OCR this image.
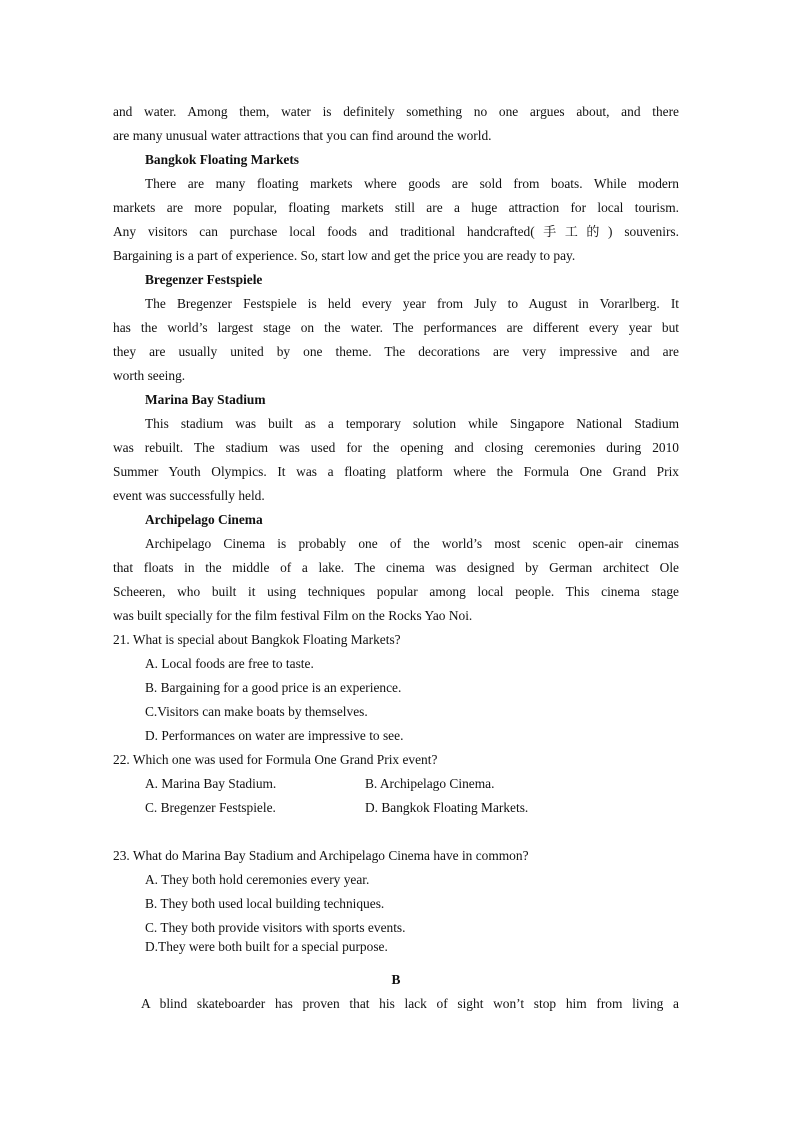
and water. Among them, water is definitely something no one argues about, and there
are many unusual water attractions that you can find around the world.
Bangkok Floating Markets
There are many floating markets where goods are sold from boats. While modern
markets are more popular, floating markets still are a huge attraction for local tourism.
Any visitors can purchase local foods and traditional handcrafted(手工的) souvenirs.
Bargaining is a part of experience. So, start low and get the price you are ready to pay.
Bregenzer Festspiele
The Bregenzer Festspiele is held every year from July to August in Vorarlberg. It
has the world’s largest stage on the water. The performances are different every year but
they are usually united by one theme. The decorations are very impressive and are
worth seeing.
Marina Bay Stadium
This stadium was built as a temporary solution while Singapore National Stadium
was rebuilt. The stadium was used for the opening and closing ceremonies during 2010
Summer Youth Olympics. It was a floating platform where the Formula One Grand Prix
event was successfully held.
Archipelago Cinema
Archipelago Cinema is probably one of the world’s most scenic open-air cinemas
that floats in the middle of a lake. The cinema was designed by German architect Ole
Scheeren, who built it using techniques popular among local people. This cinema stage
was built specially for the film festival Film on the Rocks Yao Noi.
21. What is special about Bangkok Floating Markets?
A. Local foods are free to taste.
B. Bargaining for a good price is an experience.
C.Visitors can make boats by themselves.
D. Performances on water are impressive to see.
22. Which one was used for Formula One Grand Prix event?
A. Marina Bay Stadium.	B. Archipelago Cinema.
C. Bregenzer Festspiele.	D. Bangkok Floating Markets.
23. What do Marina Bay Stadium and Archipelago Cinema have in common?
A. They both hold ceremonies every year.
B. They both used local building techniques.
C. They both provide visitors with sports events.
D.They were both built for a special purpose.
B
A blind skateboarder has proven that his lack of sight won’t stop him from living a
